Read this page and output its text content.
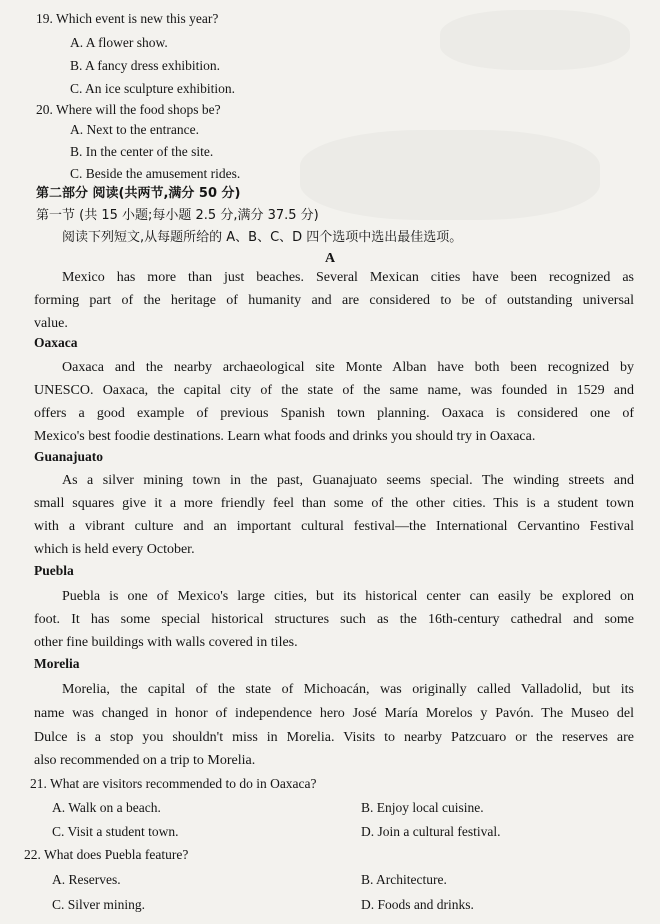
19. Which event is new this year?
A. A flower show.
B. A fancy dress exhibition.
C. An ice sculpture exhibition.
20. Where will the food shops be?
A. Next to the entrance.
B. In the center of the site.
C. Beside the amusement rides.
第二部分 阅读(共两节,满分 50 分)
第一节 (共 15 小题;每小题 2.5 分,满分 37.5 分)
阅读下列短文,从每题所给的 A、B、C、D 四个选项中选出最佳选项。
A
Mexico has more than just beaches. Several Mexican cities have been recognized as
forming part of the heritage of humanity and are considered to be of outstanding universal
value.
Oaxaca
Oaxaca and the nearby archaeological site Monte Alban have both been recognized by
UNESCO. Oaxaca, the capital city of the state of the same name, was founded in 1529 and
offers a good example of previous Spanish town planning. Oaxaca is considered one of
Mexico's best foodie destinations. Learn what foods and drinks you should try in Oaxaca.
Guanajuato
As a silver mining town in the past, Guanajuato seems special. The winding streets and
small squares give it a more friendly feel than some of the other cities. This is a student town
with a vibrant culture and an important cultural festival—the International Cervantino Festival
which is held every October.
Puebla
Puebla is one of Mexico's large cities, but its historical center can easily be explored on
foot. It has some special historical structures such as the 16th-century cathedral and some
other fine buildings with walls covered in tiles.
Morelia
Morelia, the capital of the state of Michoacán, was originally called Valladolid, but its
name was changed in honor of independence hero José María Morelos y Pavón. The Museo del
Dulce is a stop you shouldn't miss in Morelia. Visits to nearby Patzcuaro or the reserves are
also recommended on a trip to Morelia.
21. What are visitors recommended to do in Oaxaca?
A. Walk on a beach.	B. Enjoy local cuisine.
C. Visit a student town.	D. Join a cultural festival.
22. What does Puebla feature?
A. Reserves.	B. Architecture.
C. Silver mining.	D. Foods and drinks.
